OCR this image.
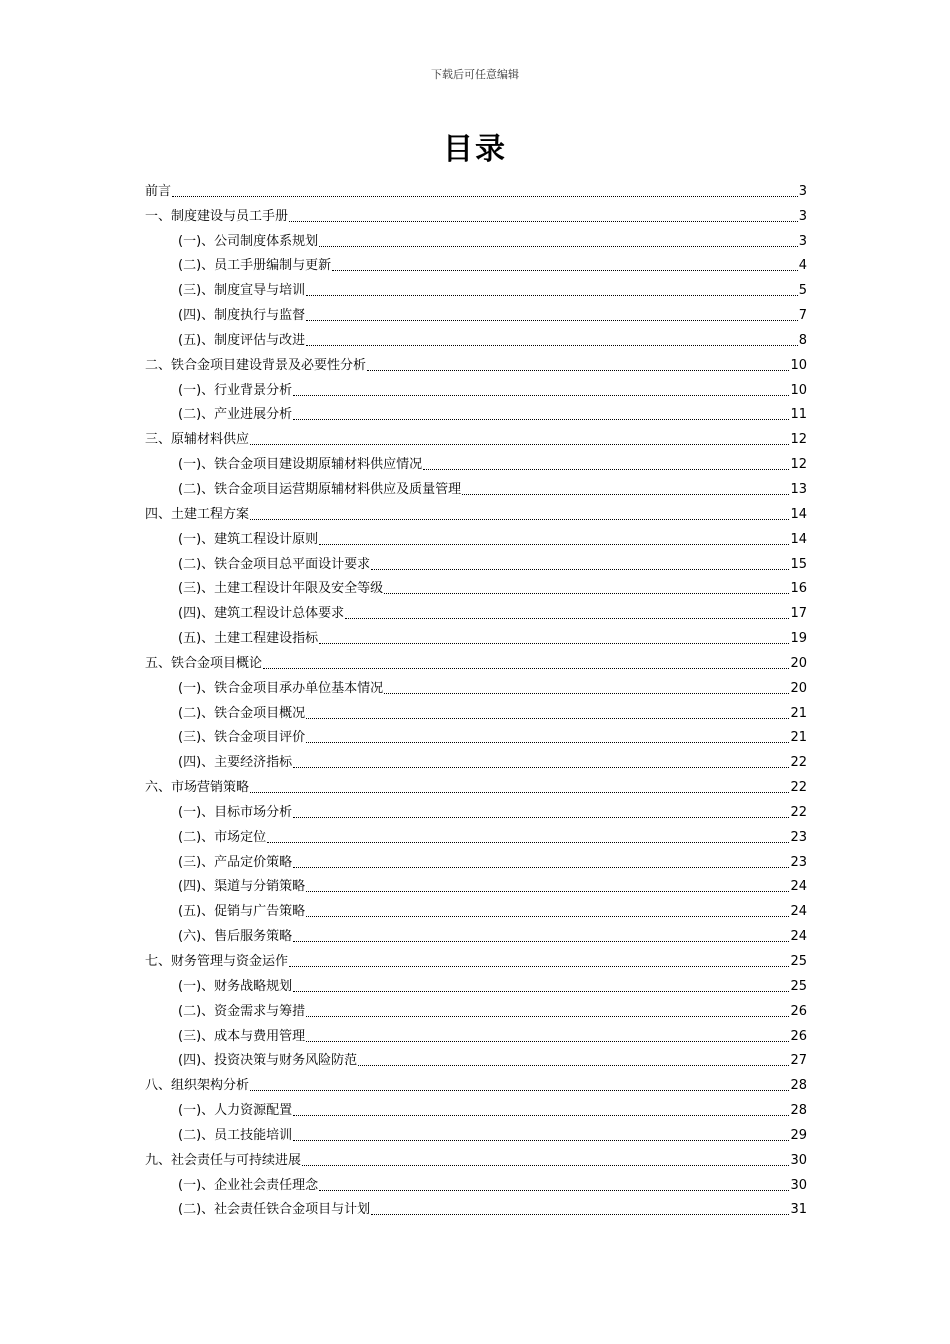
下载后可任意编辑
目录
前言	3
一、制度建设与员工手册	3
(一)、公司制度体系规划	3
(二)、员工手册编制与更新	4
(三)、制度宣导与培训	5
(四)、制度执行与监督	7
(五)、制度评估与改进	8
二、铁合金项目建设背景及必要性分析	10
(一)、行业背景分析	10
(二)、产业进展分析	11
三、原辅材料供应	12
(一)、铁合金项目建设期原辅材料供应情况	12
(二)、铁合金项目运营期原辅材料供应及质量管理	13
四、土建工程方案	14
(一)、建筑工程设计原则	14
(二)、铁合金项目总平面设计要求	15
(三)、土建工程设计年限及安全等级	16
(四)、建筑工程设计总体要求	17
(五)、土建工程建设指标	19
五、铁合金项目概论	20
(一)、铁合金项目承办单位基本情况	20
(二)、铁合金项目概况	21
(三)、铁合金项目评价	21
(四)、主要经济指标	22
六、市场营销策略	22
(一)、目标市场分析	22
(二)、市场定位	23
(三)、产品定价策略	23
(四)、渠道与分销策略	24
(五)、促销与广告策略	24
(六)、售后服务策略	24
七、财务管理与资金运作	25
(一)、财务战略规划	25
(二)、资金需求与筹措	26
(三)、成本与费用管理	26
(四)、投资决策与财务风险防范	27
八、组织架构分析	28
(一)、人力资源配置	28
(二)、员工技能培训	29
九、社会责任与可持续进展	30
(一)、企业社会责任理念	30
(二)、社会责任铁合金项目与计划	31
